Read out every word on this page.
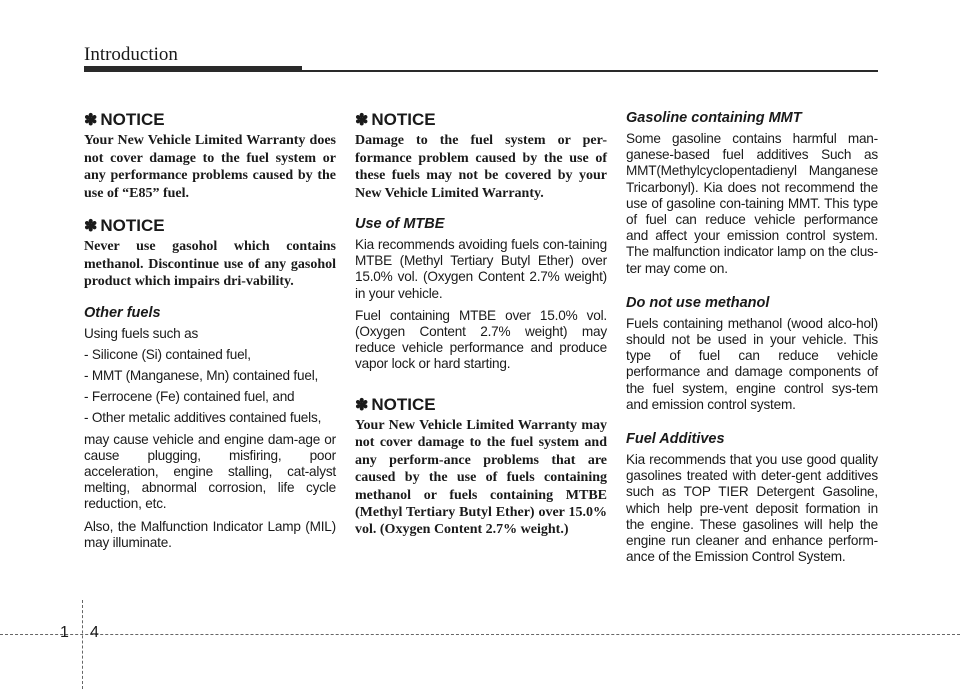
Introduction
✽ NOTICE

Your New Vehicle Limited Warranty does not cover damage to the fuel system or any performance problems caused by the use of “E85” fuel.

✽ NOTICE

Never use gasohol which contains methanol. Discontinue use of any gasohol product which impairs dri-vability.

Other fuels

Using fuels such as

- Silicone (Si) contained fuel,
- MMT (Manganese, Mn) contained fuel,
- Ferrocene (Fe) contained fuel, and
- Other metalic additives contained fuels,

may cause vehicle and engine dam-age or cause plugging, misfiring, poor acceleration, engine stalling, cat-alyst melting, abnormal corrosion, life cycle reduction, etc.

Also, the Malfunction Indicator Lamp (MIL) may illuminate.

✽ NOTICE

Damage to the fuel system or per-formance problem caused by the use of these fuels may not be covered by your New Vehicle Limited Warranty.

Use of MTBE

Kia recommends avoiding fuels con-taining MTBE (Methyl Tertiary Butyl Ether) over 15.0% vol. (Oxygen Content 2.7% weight) in your vehicle.

Fuel containing MTBE over 15.0% vol. (Oxygen Content 2.7% weight) may reduce vehicle performance and produce vapor lock or hard starting.

✽ NOTICE

Your New Vehicle Limited Warranty may not cover damage to the fuel system and any perform-ance problems that are caused by the use of fuels containing methanol or fuels containing MTBE (Methyl Tertiary Butyl Ether) over 15.0% vol. (Oxygen Content 2.7% weight.)

Gasoline containing MMT

Some gasoline contains harmful man-ganese-based fuel additives Such as MMT(Methylcyclopentadienyl Manganese Tricarbonyl). Kia does not recommend the use of gasoline con-taining MMT. This type of fuel can reduce vehicle performance and affect your emission control system. The malfunction indicator lamp on the clus-ter may come on.

Do not use methanol

Fuels containing methanol (wood alco-hol) should not be used in your vehicle. This type of fuel can reduce vehicle performance and damage components of the fuel system, engine control sys-tem and emission control system.

Fuel Additives

Kia recommends that you use good quality gasolines treated with deter-gent additives such as TOP TIER Detergent Gasoline, which help pre-vent deposit formation in the engine. These gasolines will help the engine run cleaner and enhance perform-ance of the Emission Control System.

1 4
